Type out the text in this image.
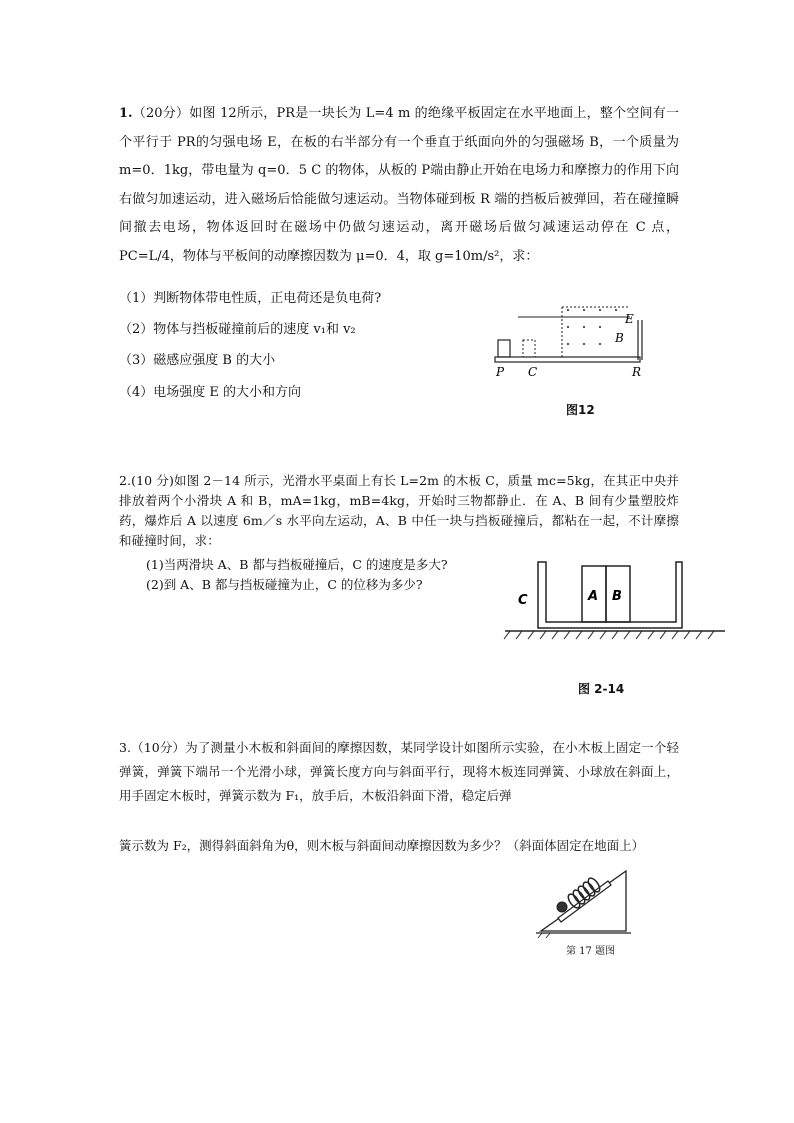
1.（20分）如图 12所示，PR是一块长为 L=4 m 的绝缘平板固定在水平地面上，整个空间有一个平行于 PR的匀强电场 E，在板的右半部分有一个垂直于纸面向外的匀强磁场 B，一个质量为 m=0．1kg，带电量为 q=0．5 C 的物体，从板的 P端由静止开始在电场力和摩擦力的作用下向右做匀加速运动，进入磁场后恰能做匀速运动。当物体碰到板 R 端的挡板后被弹回，若在碰撞瞬间撤去电场，物体返回时在磁场中仍做匀速运动，离开磁场后做匀减速运动停在 C 点，PC=L/4，物体与平板间的动摩擦因数为 μ=0．4，取 g=10m/s²，求：

（1）判断物体带电性质，正电荷还是负电荷?

（2）物体与挡板碰撞前后的速度 v₁和 v₂

（3）磁感应强度 B 的大小

（4）电场强度 E 的大小和方向

E
B
P C	R
图12

2.(10 分)如图 2－14 所示，光滑水平桌面上有长 L=2m 的木板 C，质量 mc=5kg，在其正中央并排放着两个小滑块 A 和 B，mA=1kg，mB=4kg，开始时三物都静止．在 A、B 间有少量塑胶炸药，爆炸后 A 以速度 6m／s 水平向左运动，A、B 中任一块与挡板碰撞后，都粘在一起，不计摩擦和碰撞时间，求：

(1)当两滑块 A、B 都与挡板碰撞后，C 的速度是多大?

(2)到 A、B 都与挡板碰撞为止，C 的位移为多少?

C	A B
图 2-14

3.（10分）为了测量小木板和斜面间的摩擦因数，某同学设计如图所示实验，在小木板上固定一个轻弹簧，弹簧下端吊一个光滑小球，弹簧长度方向与斜面平行，现将木板连同弹簧、小球放在斜面上，用手固定木板时，弹簧示数为 F₁，放手后，木板沿斜面下滑，稳定后弹

簧示数为 F₂，测得斜面斜角为θ，则木板与斜面间动摩擦因数为多少？（斜面体固定在地面上）

第 17 题图
